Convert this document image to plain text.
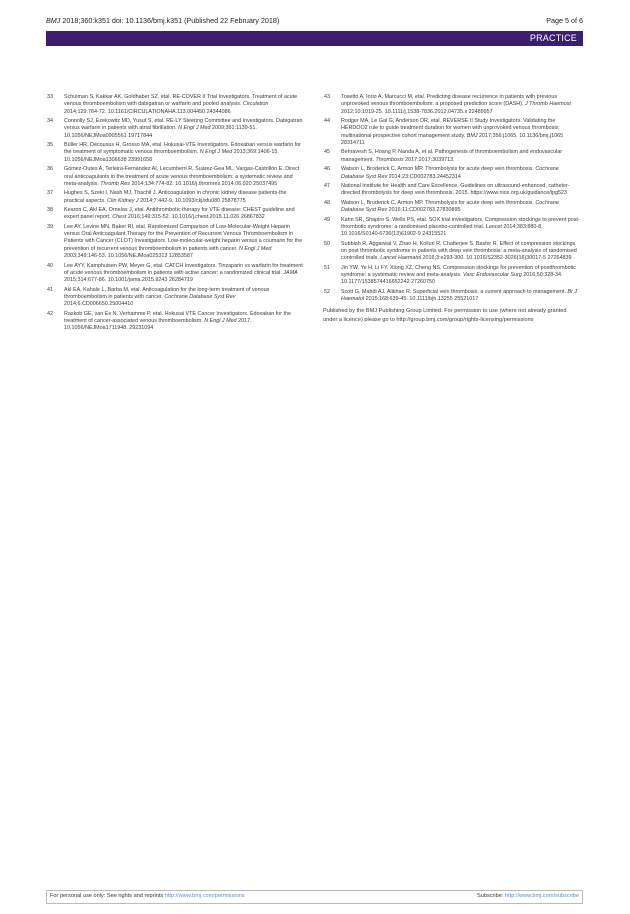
BMJ 2018;360:k351 doi: 10.1136/bmj.k351 (Published 22 February 2018)	Page 5 of 6
PRACTICE
33 Schulman S, Kakkar AK, Goldhaber SZ, etal. RE-COVER II Trial Investigators. Treatment of acute venous thromboembolism with dabigatran or warfarin and pooled analysis. Circulation 2014;129:764-72. 10.1161/CIRCULATIONAHA.113.004450 24344086
34 Connolly SJ, Ezekowitz MD, Yusuf S, etal. RE-LY Steering Committee and Investigators. Dabigatran versus warfarin in patients with atrial fibrillation. N Engl J Med 2009;361:1139-51. 10.1056/NEJMoa0905561 19717844
35 Büller HR, Décousus H, Grosso MA, etal. Hokusai-VTE Investigators. Edoxaban versus warfarin for the treatment of symptomatic venous thromboembolism. N Engl J Med 2013;369:1406-15. 10.1056/NEJMoa1306638 23991658
36 Gómez-Outes A, Terleira-Fernández AI, Lecumberri R, Suárez-Gea ML, Vargas-Castrillón E. Direct oral anticoagulants in the treatment of acute venous thromboembolism: a systematic review and meta-analysis. Thromb Res 2014;134:774-82. 10.1016/j.thromres.2014.06.020 25037495
37 Hughes S, Szeki I, Nash MJ, Thachil J. Anticoagulation in chronic kidney disease patients-the practical aspects. Clin Kidney J 2014;7:442-9. 10.1093/ckj/sfu080 25878775
38 Kearon C, Akl EA, Ornelas J, etal. Antithrombotic therapy for VTE disease: CHEST guideline and expert panel report. Chest 2016;149:315-52. 10.1016/j.chest.2015.11.026 26867832
39 Lee AY, Levine MN, Baker RI, etal. Randomized Comparison of Low-Molecular-Weight Heparin versus Oral Anticoagulant Therapy for the Prevention of Recurrent Venous Thromboembolism in Patients with Cancer (CLOT) Investigators. Low-molecular-weight heparin versus a coumarin for the prevention of recurrent venous thromboembolism in patients with cancer. N Engl J Med 2003;349:146-53. 10.1056/NEJMoa025313 12853587
40 Lee AYY, Kamphuisen PW, Meyer G, etal. CATCH Investigators. Tinzaparin vs warfarin for treatment of acute venous thromboembolism in patients with active cancer: a randomized clinical trial. JAMA 2015;314:677-86. 10.1001/jama.2015.9243 26284719
41 Akl EA, Kahale L, Barba M, etal. Anticoagulation for the long-term treatment of venous thromboembolism in patients with cancer. Cochrane Database Syst Rev 2014;6:CD006650.25004410
42 Raskob GE, van Es N, Verhamme P, etal. Hokusai VTE Cancer Investigators. Edoxaban for the treatment of cancer-associated venous thromboembolism. N Engl J Med 2017. 10.1056/NEJMoa1711948. 29231094
43 Tosetto A, Iorio A, Marcucci M, etal. Predicting disease recurrence in patients with previous unprovoked venous thromboembolism: a proposed prediction score (DASH). J Thromb Haemost 2012;10:1019-25. 10.1111/j.1538-7836.2012.04735.x 22489957
44 Rodger MA, Le Gal G, Anderson DR, etal. REVERSE II Study Investigators. Validating the HERDOO2 rule to guide treatment duration for women with unprovoked venous thrombosis: multinational prospective cohort management study. BMJ 2017;356:j1065. 10.1136/bmj.j1065 28314711
45 Behravesh S, Hoang P, Nanda A, et al. Pathogenesis of thromboembolism and endovascular management. Thrombosis 2017;2017:3039713.
46 Watson L, Broderick C, Armon MP. Thrombolysis for acute deep vein thrombosis. Cochrane Database Syst Rev 2014;23:CD002783.24452314
47 National Institute for Health and Care Excellence. Guidelines on ultrasound-enhanced, catheter-directed thrombolysis for deep vein thrombosis. 2015. https://www.nice.org.uk/guidance/ipg523
48 Watson L, Broderick C, Armon MP. Thrombolysis for acute deep vein thrombosis. Cochrane Database Syst Rev 2016;11:CD002783.27830895
49 Kahn SR, Shapiro S, Wells PS, etal. SOX trial investigators. Compression stockings to prevent post-thrombotic syndrome: a randomised placebo-controlled trial. Lancet 2014;383:880-8. 10.1016/S0140-6736(13)61902-9 24315521
50 Subbiah R, Aggarwal V, Zhao H, Kolluri R, Chatterjee S, Bashir R. Effect of compression stockings on post thrombotic syndrome in patients with deep vein thrombosis: a meta-analysis of randomised controlled trials. Lancet Haematol 2016;3:e293-300. 10.1016/S2352-3026(16)30017-5 27264839
51 Jin YW, Ye H, Li FY, Xiong XZ, Cheng NS. Compression stockings for prevention of postthrombotic syndrome: a systematic review and meta-analysis. Vasc Endovascular Surg 2016;50:328-34. 10.1177/1538574416652242 27260750
52 Scott G, Mahdi AJ, Alikhan R. Superficial vein thrombosis: a current approach to management. Br J Haematol 2015;168:639-45. 10.1111/bjh.13255 25521017
Published by the BMJ Publishing Group Limited. For permission to use (where not already granted under a licence) please go to http://group.bmj.com/group/rights-licensing/permissions
For personal use only: See rights and reprints http://www.bmj.com/permissions	Subscribe: http://www.bmj.com/subscribe
